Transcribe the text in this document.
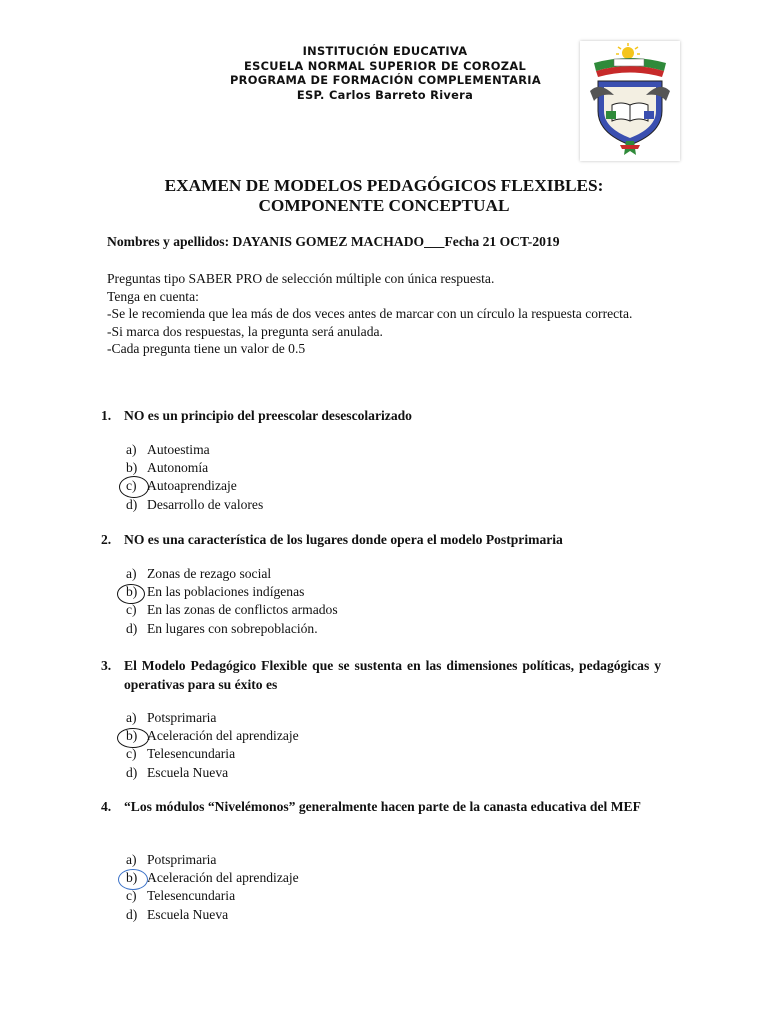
INSTITUCIÓN EDUCATIVA
ESCUELA NORMAL SUPERIOR DE COROZAL
PROGRAMA DE FORMACIÓN COMPLEMENTARIA
ESP. Carlos Barreto Rivera
EXAMEN DE MODELOS PEDAGÓGICOS FLEXIBLES:
COMPONENTE CONCEPTUAL
Nombres y apellidos: DAYANIS GOMEZ MACHADO___Fecha 21 OCT-2019

Preguntas tipo SABER PRO de selección múltiple con única respuesta.

Tenga en cuenta:

-Se le recomienda que lea más de dos veces antes de marcar con un círculo la respuesta correcta.

-Si marca dos respuestas, la pregunta será anulada.

-Cada pregunta tiene un valor de 0.5

1. NO es un principio del preescolar desescolarizado
a) Autoestima
b) Autonomía
c) Autoaprendizaje
d) Desarrollo de valores
2. NO es una característica de los lugares donde opera el modelo Postprimaria
a) Zonas de rezago social
b) En las poblaciones indígenas
c) En las zonas de conflictos armados
d) En lugares con sobrepoblación.
3. El Modelo Pedagógico Flexible que se sustenta en las dimensiones políticas, pedagógicas y operativas para su éxito es
a) Potsprimaria
b) Aceleración del aprendizaje
c) Telesencundaria
d) Escuela Nueva
4. “Los módulos “Nivelémonos” generalmente hacen parte de la canasta educativa del MEF
a) Potsprimaria
b) Aceleración del aprendizaje
c) Telesencundaria
d) Escuela Nueva
